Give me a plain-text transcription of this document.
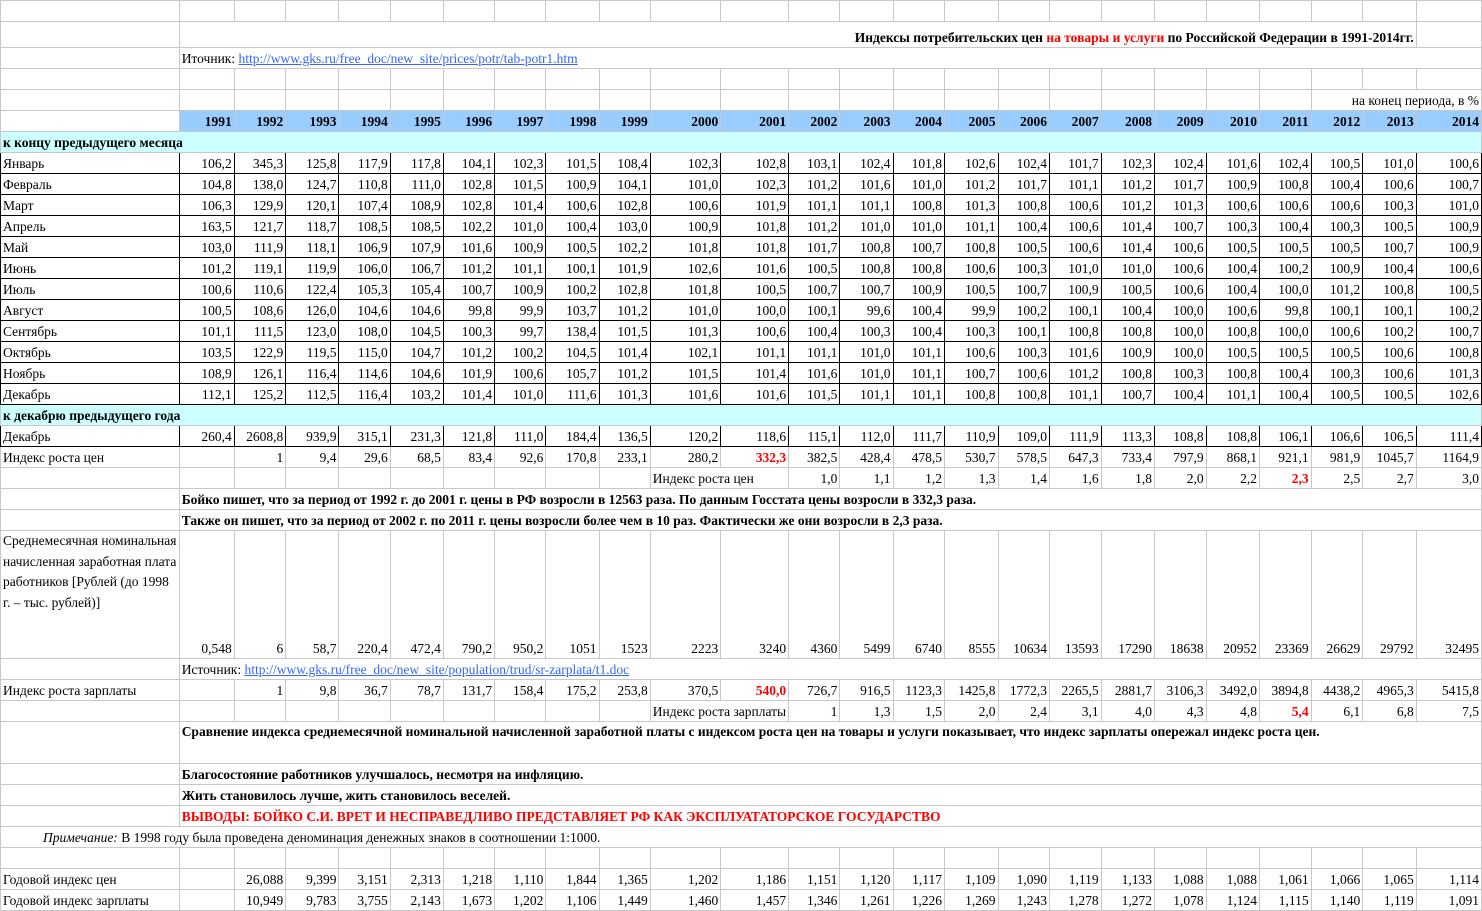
	Индексы потребительских цен на товары и услуги по Российской Федерации в 1991-2014гг.																							
	Иточник: http://www.gks.ru/free_doc/new_site/prices/potr/tab-potr1.htm																							

																						на конец периода, в %		
	1991	1992	1993	1994	1995	1996	1997	1998	1999	2000	2001	2002	2003	2004	2005	2006	2007	2008	2009	2010	2011	2012	2013	2014
к концу предыдущего месяца																								
Январь	106,2	345,3	125,8	117,9	117,8	104,1	102,3	101,5	108,4	102,3	102,8	103,1	102,4	101,8	102,6	102,4	101,7	102,3	102,4	101,6	102,4	100,5	101,0	100,6
Февраль	104,8	138,0	124,7	110,8	111,0	102,8	101,5	100,9	104,1	101,0	102,3	101,2	101,6	101,0	101,2	101,7	101,1	101,2	101,7	100,9	100,8	100,4	100,6	100,7
Март	106,3	129,9	120,1	107,4	108,9	102,8	101,4	100,6	102,8	100,6	101,9	101,1	101,1	100,8	101,3	100,8	100,6	101,2	101,3	100,6	100,6	100,6	100,3	101,0
Апрель	163,5	121,7	118,7	108,5	108,5	102,2	101,0	100,4	103,0	100,9	101,8	101,2	101,0	101,0	101,1	100,4	100,6	101,4	100,7	100,3	100,4	100,3	100,5	100,9
Май	103,0	111,9	118,1	106,9	107,9	101,6	100,9	100,5	102,2	101,8	101,8	101,7	100,8	100,7	100,8	100,5	100,6	101,4	100,6	100,5	100,5	100,5	100,7	100,9
Июнь	101,2	119,1	119,9	106,0	106,7	101,2	101,1	100,1	101,9	102,6	101,6	100,5	100,8	100,8	100,6	100,3	101,0	101,0	100,6	100,4	100,2	100,9	100,4	100,6
Июль	100,6	110,6	122,4	105,3	105,4	100,7	100,9	100,2	102,8	101,8	100,5	100,7	100,7	100,9	100,5	100,7	100,9	100,5	100,6	100,4	100,0	101,2	100,8	100,5
Август	100,5	108,6	126,0	104,6	104,6	99,8	99,9	103,7	101,2	101,0	100,0	100,1	99,6	100,4	99,9	100,2	100,1	100,4	100,0	100,6	99,8	100,1	100,1	100,2
Сентябрь	101,1	111,5	123,0	108,0	104,5	100,3	99,7	138,4	101,5	101,3	100,6	100,4	100,3	100,4	100,3	100,1	100,8	100,8	100,0	100,8	100,0	100,6	100,2	100,7
Октябрь	103,5	122,9	119,5	115,0	104,7	101,2	100,2	104,5	101,4	102,1	101,1	101,1	101,0	101,1	100,6	100,3	101,6	100,9	100,0	100,5	100,5	100,5	100,6	100,8
Ноябрь	108,9	126,1	116,4	114,6	104,6	101,9	100,6	105,7	101,2	101,5	101,4	101,6	101,0	101,1	100,7	100,6	101,2	100,8	100,3	100,8	100,4	100,3	100,6	101,3
Декабрь	112,1	125,2	112,5	116,4	103,2	101,4	101,0	111,6	101,3	101,6	101,6	101,5	101,1	101,1	100,8	100,8	101,1	100,7	100,4	101,1	100,4	100,5	100,5	102,6
к декабрю предыдущего года																								
Декабрь	260,4	2608,8	939,9	315,1	231,3	121,8	111,0	184,4	136,5	120,2	118,6	115,1	112,0	111,7	110,9	109,0	111,9	113,3	108,8	108,8	106,1	106,6	106,5	111,4
Индекс роста цен		1	9,4	29,6	68,5	83,4	92,6	170,8	233,1	280,2	332,3	382,5	428,4	478,5	530,7	578,5	647,3	733,4	797,9	868,1	921,1	981,9	1045,7	1164,9
										Индекс роста цен		1,0	1,1	1,2	1,3	1,4	1,6	1,8	2,0	2,2	2,3	2,5	2,7	3,0
	Бойко пишет, что за период от 1992 г. до 2001 г. цены в РФ возросли в 12563 раза. По данным Госстата цены возросли в 332,3 раза.																							
	Также он пишет, что за период от 2002 г. по 2011 г. цены возросли более чем в 10 раз. Фактически же они возросли в 2,3 раза.																							
Среднемесячная номинальная начисленная заработная плата работников [Рублей (до 1998 г. – тыс. рублей)]	0,548	6	58,7	220,4	472,4	790,2	950,2	1051	1523	2223	3240	4360	5499	6740	8555	10634	13593	17290	18638	20952	23369	26629	29792	32495
	Источник: http://www.gks.ru/free_doc/new_site/population/trud/sr-zarplata/t1.doc																							
Индекс роста зарплаты		1	9,8	36,7	78,7	131,7	158,4	175,2	253,8	370,5	540,0	726,7	916,5	1123,3	1425,8	1772,3	2265,5	2881,7	3106,3	3492,0	3894,8	4438,2	4965,3	5415,8
										Индекс роста зарплаты		1	1,3	1,5	2,0	2,4	3,1	4,0	4,3	4,8	5,4	6,1	6,8	7,5
	Сравнение индекса среднемесячной номинальной начисленной заработной платы с индексом роста цен на товары и услуги показывает, что индекс зарплаты опережал индекс роста цен.																							
	Благосостояние работников улучшалось, несмотря на инфляцию.																							
	Жить становилось лучше, жить становилось веселей.																							
	ВЫВОДЫ: БОЙКО С.И. ВРЕТ И НЕСПРАВЕДЛИВО ПРЕДСТАВЛЯЕТ РФ КАК ЭКСПЛУАТАТОРСКОЕ ГОСУДАРСТВО																							
Примечание: В 1998 году была проведена деноминация денежных знаков в соотношении 1:1000.																								

Годовой индекс цен		26,088	9,399	3,151	2,313	1,218	1,110	1,844	1,365	1,202	1,186	1,151	1,120	1,117	1,109	1,090	1,119	1,133	1,088	1,088	1,061	1,066	1,065	1,114
Годовой индекс зарплаты		10,949	9,783	3,755	2,143	1,673	1,202	1,106	1,449	1,460	1,457	1,346	1,261	1,226	1,269	1,243	1,278	1,272	1,078	1,124	1,115	1,140	1,119	1,091
